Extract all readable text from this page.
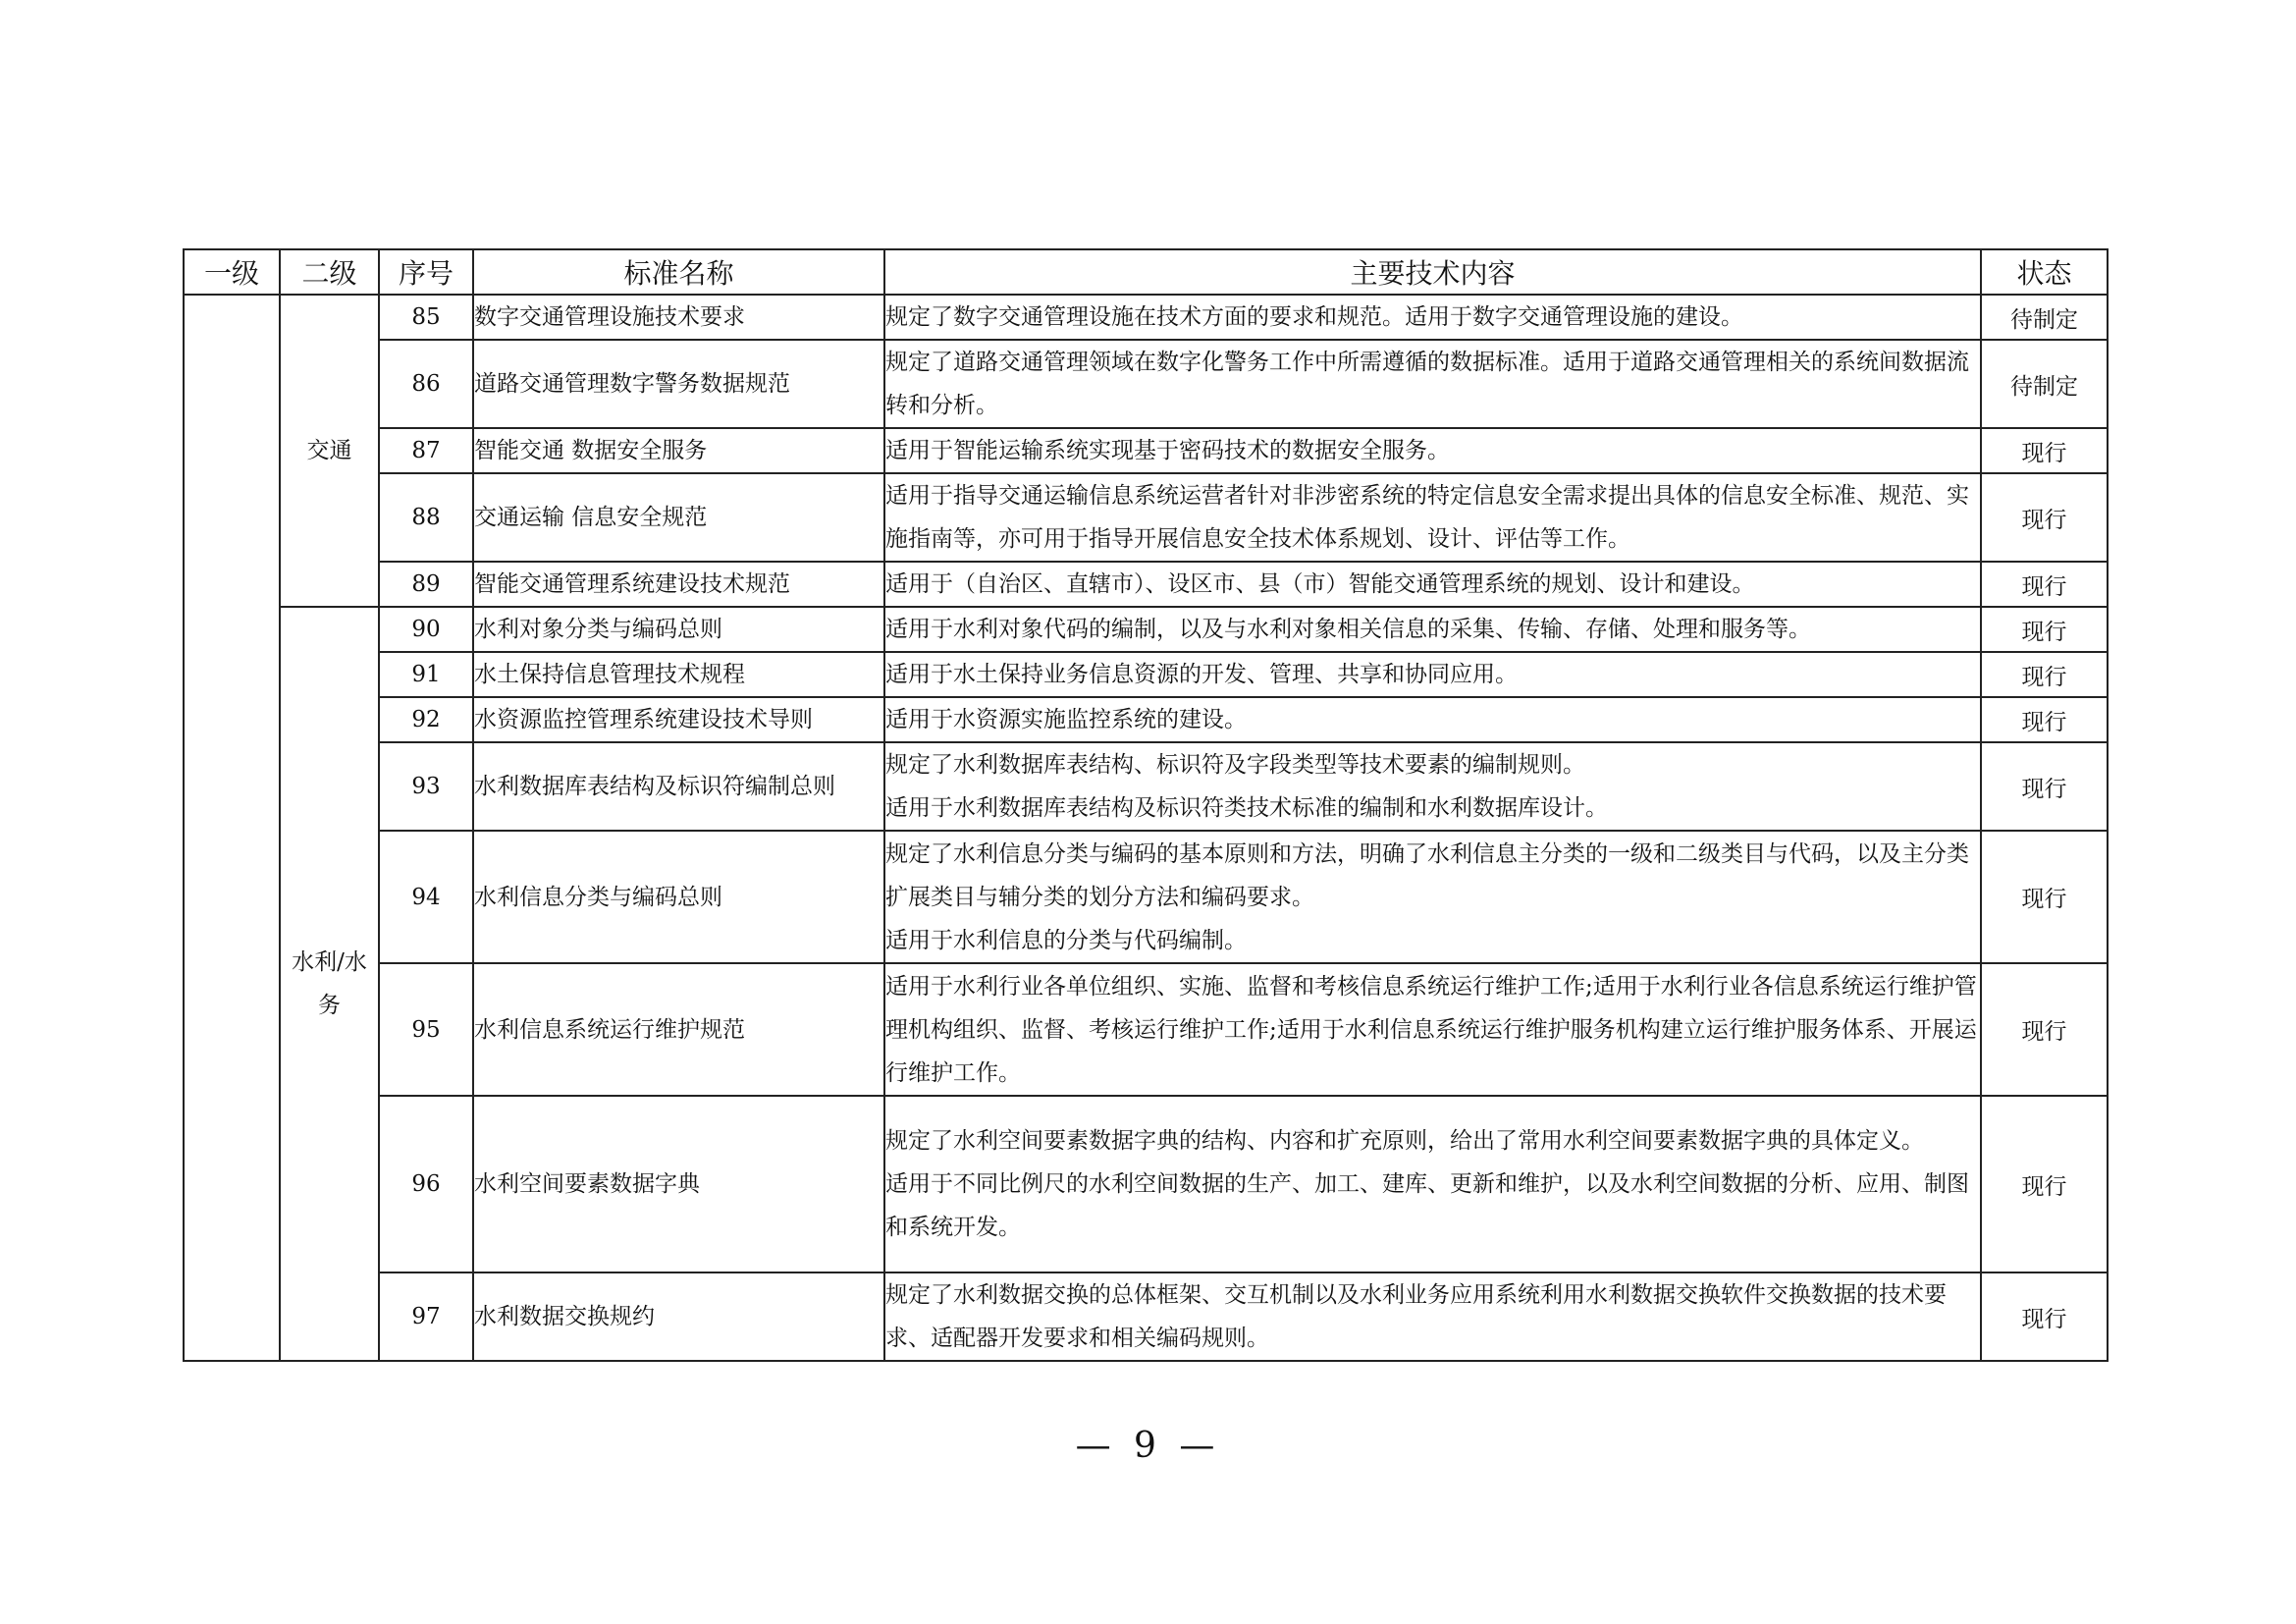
一级	二级	序号	标准名称	主要技术内容	状态
	交通	85	数字交通管理设施技术要求	规定了数字交通管理设施在技术方面的要求和规范。适用于数字交通管理设施的建设。	待制定
		86	道路交通管理数字警务数据规范	规定了道路交通管理领域在数字化警务工作中所需遵循的数据标准。适用于道路交通管理相关的系统间数据流转和分析。	待制定
		87	智能交通 数据安全服务	适用于智能运输系统实现基于密码技术的数据安全服务。	现行
		88	交通运输 信息安全规范	适用于指导交通运输信息系统运营者针对非涉密系统的特定信息安全需求提出具体的信息安全标准、规范、实施指南等，亦可用于指导开展信息安全技术体系规划、设计、评估等工作。	现行
		89	智能交通管理系统建设技术规范	适用于（自治区、直辖市）、设区市、县（市）智能交通管理系统的规划、设计和建设。	现行
	水利/水务	90	水利对象分类与编码总则	适用于水利对象代码的编制，以及与水利对象相关信息的采集、传输、存储、处理和服务等。	现行
		91	水土保持信息管理技术规程	适用于水土保持业务信息资源的开发、管理、共享和协同应用。	现行
		92	水资源监控管理系统建设技术导则	适用于水资源实施监控系统的建设。	现行
		93	水利数据库表结构及标识符编制总则	规定了水利数据库表结构、标识符及字段类型等技术要素的编制规则。
适用于水利数据库表结构及标识符类技术标准的编制和水利数据库设计。	现行
		94	水利信息分类与编码总则	规定了水利信息分类与编码的基本原则和方法，明确了水利信息主分类的一级和二级类目与代码，以及主分类扩展类目与辅分类的划分方法和编码要求。
适用于水利信息的分类与代码编制。	现行
		95	水利信息系统运行维护规范	适用于水利行业各单位组织、实施、监督和考核信息系统运行维护工作;适用于水利行业各信息系统运行维护管理机构组织、监督、考核运行维护工作;适用于水利信息系统运行维护服务机构建立运行维护服务体系、开展运行维护工作。	现行
		96	水利空间要素数据字典	规定了水利空间要素数据字典的结构、内容和扩充原则，给出了常用水利空间要素数据字典的具体定义。
适用于不同比例尺的水利空间数据的生产、加工、建库、更新和维护，以及水利空间数据的分析、应用、制图和系统开发。	现行
		97	水利数据交换规约	规定了水利数据交换的总体框架、交互机制以及水利业务应用系统利用水利数据交换软件交换数据的技术要求、适配器开发要求和相关编码规则。	现行
— 9 —
